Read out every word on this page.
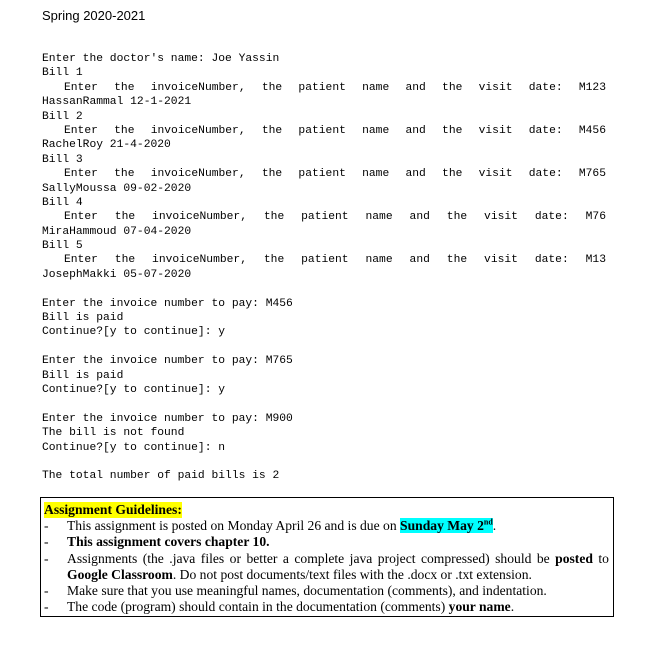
Spring 2020-2021
Enter the doctor's name: Joe Yassin
Bill 1
Enter the invoiceNumber, the patient name and the visit date: M123
HassanRammal 12-1-2021
Bill 2
Enter the invoiceNumber, the patient name and the visit date: M456
RachelRoy 21-4-2020
Bill 3
Enter the invoiceNumber, the patient name and the visit date: M765
SallyMoussa 09-02-2020
Bill 4
Enter the invoiceNumber, the patient name and the visit date: M76
MiraHammoud 07-04-2020
Bill 5
Enter the invoiceNumber, the patient name and the visit date: M13
JosephMakki 05-07-2020
Enter the invoice number to pay: M456
Bill is paid
Continue?[y to continue]: y
Enter the invoice number to pay: M765
Bill is paid
Continue?[y to continue]: y
Enter the invoice number to pay: M900
The bill is not found
Continue?[y to continue]: n
The total number of paid bills is 2
Assignment Guidelines:
- This assignment is posted on Monday April 26 and is due on Sunday May 2nd.
- This assignment covers chapter 10.
- Assignments (the .java files or better a complete java project compressed) should be posted to Google Classroom. Do not post documents/text files with the .docx or .txt extension.
- Make sure that you use meaningful names, documentation (comments), and indentation.
- The code (program) should contain in the documentation (comments) your name.
